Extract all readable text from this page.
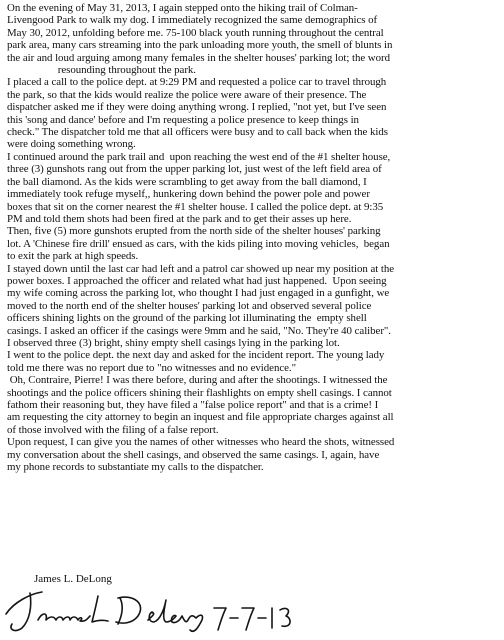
On the evening of May 31, 2013, I again stepped onto the hiking trail of Colman-
Livengood Park to walk my dog. I immediately recognized the same demographics of
May 30, 2012, unfolding before me. 75-100 black youth running throughout the central
park area, many cars streaming into the park unloading more youth, the smell of blunts in
the air and loud arguing among many females in the shelter houses' parking lot; the word
resounding throughout the park.

I placed a call to the police dept. at 9:29 PM and requested a police car to travel through
the park, so that the kids would realize the police were aware of their presence. The
dispatcher asked me if they were doing anything wrong. I replied, "not yet, but I've seen
this 'song and dance' before and I'm requesting a police presence to keep things in
check." The dispatcher told me that all officers were busy and to call back when the kids
were doing something wrong.

I continued around the park trail and  upon reaching the west end of the #1 shelter house,
three (3) gunshots rang out from the upper parking lot, just west of the left field area of
the ball diamond. As the kids were scrambling to get away from the ball diamond, I
immediately took refuge myself,, hunkering down behind the power pole and power
boxes that sit on the corner nearest the #1 shelter house. I called the police dept. at 9:35
PM and told them shots had been fired at the park and to get their asses up here.
Then, five (5) more gunshots erupted from the north side of the shelter houses' parking
lot. A 'Chinese fire drill' ensued as cars, with the kids piling into moving vehicles,  began
to exit the park at high speeds.

I stayed down until the last car had left and a patrol car showed up near my position at the
power boxes. I approached the officer and related what had just happened.  Upon seeing
my wife coming across the parking lot, who thought I had just engaged in a gunfight, we
moved to the north end of the shelter houses' parking lot and observed several police
officers shining lights on the ground of the parking lot illuminating the  empty shell
casings. I asked an officer if the casings were 9mm and he said, "No. They're 40 caliber".
I observed three (3) bright, shiny empty shell casings lying in the parking lot.

I went to the police dept. the next day and asked for the incident report. The young lady
told me there was no report due to "no witnesses and no evidence."

Oh, Contraire, Pierre! I was there before, during and after the shootings. I witnessed the
shootings and the police officers shining their flashlights on empty shell casings. I cannot
fathom their reasoning but, they have filed a "false police report" and that is a crime! I
am requesting the city attorney to begin an inquest and file appropriate charges against all
of those involved with the filing of a false report.

Upon request, I can give you the names of other witnesses who heard the shots, witnessed
my conversation about the shell casings, and observed the same casings. I, again, have
my phone records to substantiate my calls to the dispatcher.

James L. DeLong
